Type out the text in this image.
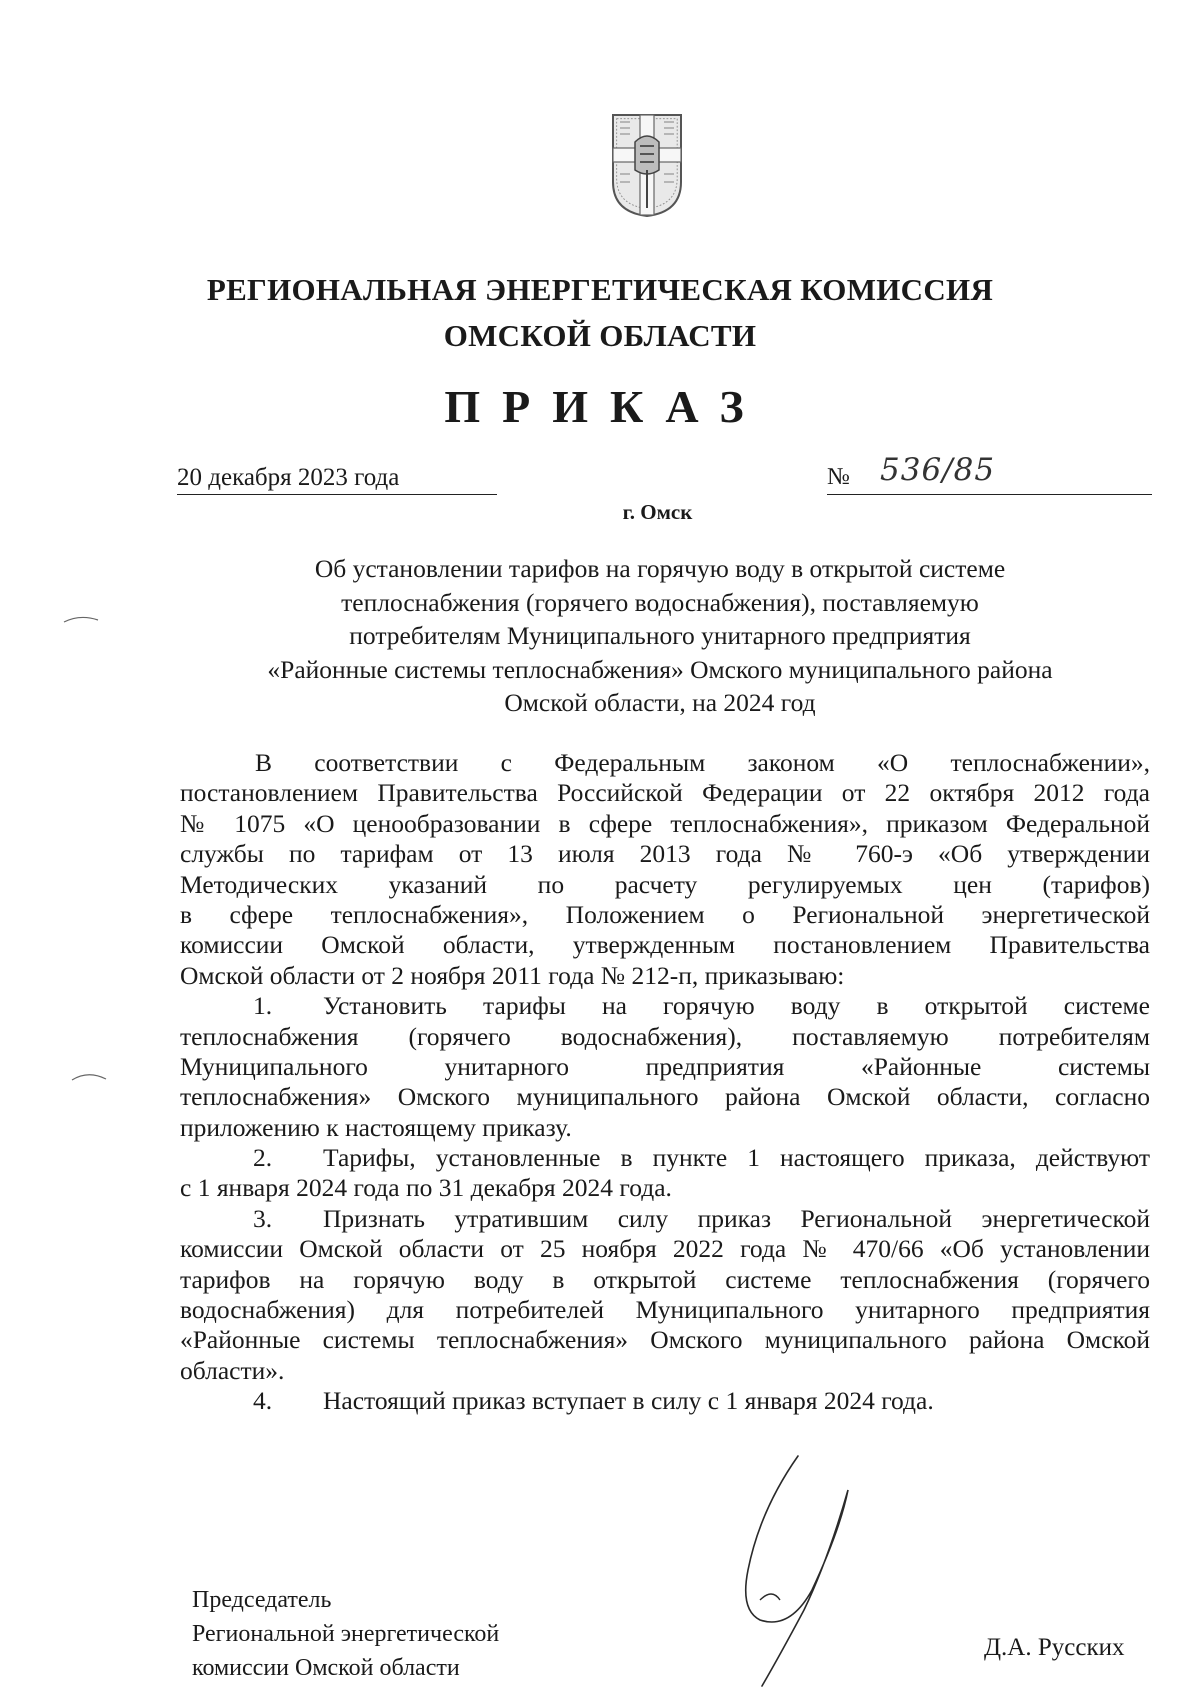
РЕГИОНАЛЬНАЯ ЭНЕРГЕТИЧЕСКАЯ КОМИССИЯ
ОМСКОЙ ОБЛАСТИ
ПРИКАЗ
20 декабря 2023 года	№ 536/85
г. Омск
Об установлении тарифов на горячую воду в открытой системе
теплоснабжения (горячего водоснабжения), поставляемую
потребителям Муниципального унитарного предприятия
«Районные системы теплоснабжения» Омского муниципального района
Омской области, на 2024 год
В соответствии с Федеральным законом «О теплоснабжении»,
постановлением Правительства Российской Федерации от 22 октября 2012 года
№ 1075 «О ценообразовании в сфере теплоснабжения», приказом Федеральной
службы по тарифам от 13 июля 2013 года № 760-э «Об утверждении
Методических указаний по расчету регулируемых цен (тарифов)
в сфере теплоснабжения», Положением о Региональной энергетической
комиссии Омской области, утвержденным постановлением Правительства
Омской области от 2 ноября 2011 года № 212-п, приказываю:
1. Установить тарифы на горячую воду в открытой системе
теплоснабжения (горячего водоснабжения), поставляемую потребителям
Муниципального унитарного предприятия «Районные системы
теплоснабжения» Омского муниципального района Омской области, согласно
приложению к настоящему приказу.
2. Тарифы, установленные в пункте 1 настоящего приказа, действуют
с 1 января 2024 года по 31 декабря 2024 года.
3. Признать утратившим силу приказ Региональной энергетической
комиссии Омской области от 25 ноября 2022 года № 470/66 «Об установлении
тарифов на горячую воду в открытой системе теплоснабжения (горячего
водоснабжения) для потребителей Муниципального унитарного предприятия
«Районные системы теплоснабжения» Омского муниципального района Омской
области».
4. Настоящий приказ вступает в силу с 1 января 2024 года.
Председатель
Региональной энергетической
комиссии Омской области
Д.А. Русских
